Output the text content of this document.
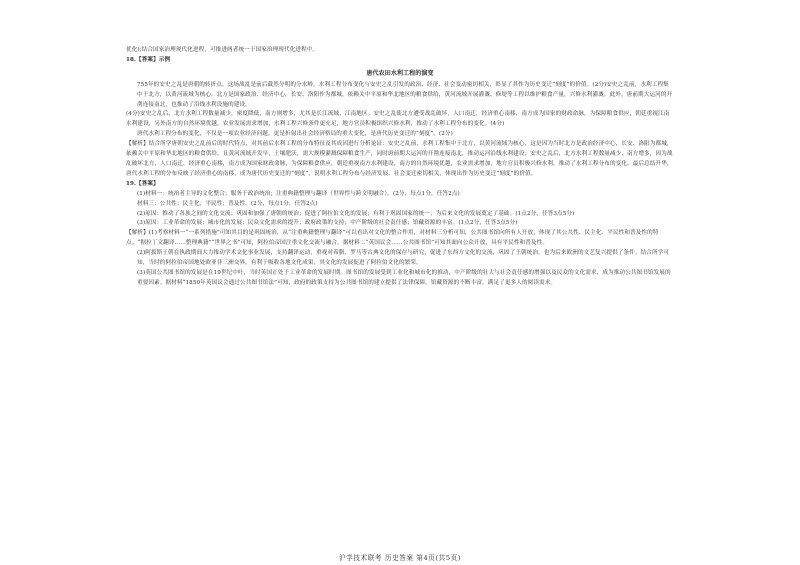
优化);结合国家治理现代化进程，可推进两者统一于国家治理现代化进程中。
18.【答案】示例
唐代农田水利工程的演变
755年的安史之乱是唐朝的转折点，这场战乱是前后截然分明的分水岭。水利工程分布变化与安史之乱引发的政治、经济、社会变动密切相关，彰显了其作为历史变迁“刻度”的价值。(2分)安史之乱前，水利工程集中于北方，以黄河流域为核心。北方是国家政治、经济中心，长安、洛阳作为都城，依赖关中平原和华北地区的粮食供给，黄河流域开展灌溉、修堤等工程以维护粮食产量，兴修水利灌溉。此外，唐前期大运河的开凿连接南北，也推动了沿线水利设施的建设。
(4分)安史之乱后，北方水利工程数量减少，密度降低，南方则增多，尤其是长江流域、江南地区。安史之乱使北方遭受战乱破坏，人口南迁，经济重心南移，南方成为国家的财政命脉，为保障粮食供应，朝廷重视江南水利建设，另外南方的自然环境优越，农业发展需求增加，水利工程兴修条件更充足，地方官员积极组织兴修水利，推动了水利工程分布的变化。(4分)
唐代水利工程分布的变化，不仅是一项农业经济问题，更是折射出社会经济格局的重大变化，是唐代历史变迁的“刻度”。(2分)
【解析】结合所学唐朝安史之乱前后的时代特点，对其前后水利工程的分布特征及其成因进行分析论证：安史之乱前，水利工程集中于北方，以黄河流域为核心，这是因为当时北方是政治经济中心，长安、洛阳为都城，依赖关中平原和华北地区的粮食供给，且黄河流域开发早，土壤肥沃，需大规模灌溉保障粮食生产，同时唐前期大运河的开凿连接南北，推动运河沿线水利建设；安史之乱后，北方水利工程数量减少，南方增多，因为战乱破坏北方，人口南迁，经济重心南移，南方成为国家财政命脉，为保障粮食供应，朝廷重视南方水利建设，南方的自然环境优越，农业需求增加，地方官员积极兴修水利，推动了水利工程分布的变化。最后总结升华，唐代水利工程的分布反映了经济重心的南移，成为唐代历史变迁的“刻度”，说明水利工程分布与经济发展、社会变迁密切相关，体现出作为历史变迁“刻度”的价值。
19.【答案】
(1)材料一：统治者主导的文化整合；服务于政治统治；注重典籍整理与翻译（世界性与跨文明融合）。(2分，每点1分，任答2点)
材料三：公共性；民主化；平民性；普及性。(2分，每点1分，任答2点)
(2)原因：推动了各族之间的文化交流；巩固和加强了唐朝的统治；促进了阿拉伯文化的发展；有利于巩固国家的统一；为后来文化的发展奠定了基础。(1点2分，任答3点5分)
(3)原因：工业革命的发展；城市化的发展；民众文化需求的提升；政府政策的支持；中产阶级的社会责任感；馆藏资源的丰富。(1点2分，任答3点5分)
【解析】(1)考察材料一“一系列措施”可知其目的是巩固统治，从“注重典籍整理与翻译”可以看出对文化的整合作用，对材料三分析可知，公共图书馆向所有人开放，体现了其公共性、民主化、平民性和普及性的特点。“据拉丁文翻译……整理典籍”“世界之书”可知，阿拉伯帝国注重文化交流与融合，据材料二“英国议会……公共图书馆”可知其面向公众开放，具有平民性和普及性。
(2)阿拔斯王朝在执政期间大力推动学术文化事业发展，支持翻译运动，重视对希腊、罗马等古典文化的保存与研究，促进了东西方文化的交流，巩固了王朝统治，也为后来欧洲的文艺复兴提供了条件。结合所学可知，当时的阿拉伯帝国地处欧亚非三洲交界，有利于吸收各地文化成果，其文化的发展促进了阿拉伯文化的繁荣。
(3)英国公共图书馆的发展是在19世纪中叶，当时英国正处于工业革命的发展时期。图书馆的发展受到工业化和城市化的推动，中产阶级的壮大与社会责任感的增强以及民众的文化需求，成为推动公共图书馆发展的重要因素。据材料“1850年英国议会通过公共图书馆法”可知，政府的政策支持为公共图书馆的建立提供了法律保障，馆藏资源的不断丰富，满足了更多人的阅读需求。
沪学技术联考 历史答案 第4页(共5页)
